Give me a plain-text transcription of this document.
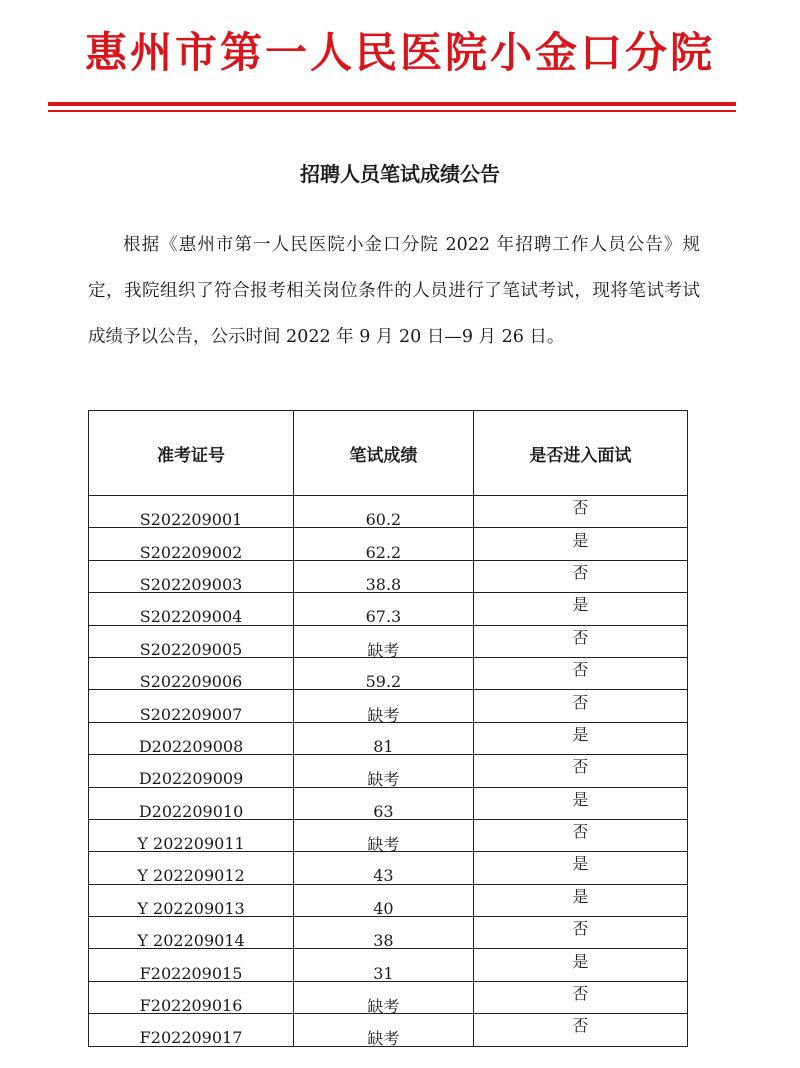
惠州市第一人民医院小金口分院
招聘人员笔试成绩公告

根据《惠州市第一人民医院小金口分院 2022 年招聘工作人员公告》规定，我院组织了符合报考相关岗位条件的人员进行了笔试考试，现将笔试考试成绩予以公告，公示时间 2022 年 9 月 20 日—9 月 26 日。

准考证号	笔试成绩	是否进入面试
S202209001	60.2	否
S202209002	62.2	是
S202209003	38.8	否
S202209004	67.3	是
S202209005	缺考	否
S202209006	59.2	否
S202209007	缺考	否
D202209008	81	是
D202209009	缺考	否
D202209010	63	是
Y 202209011	缺考	否
Y 202209012	43	是
Y 202209013	40	是
Y 202209014	38	否
F202209015	31	是
F202209016	缺考	否
F202209017	缺考	否
